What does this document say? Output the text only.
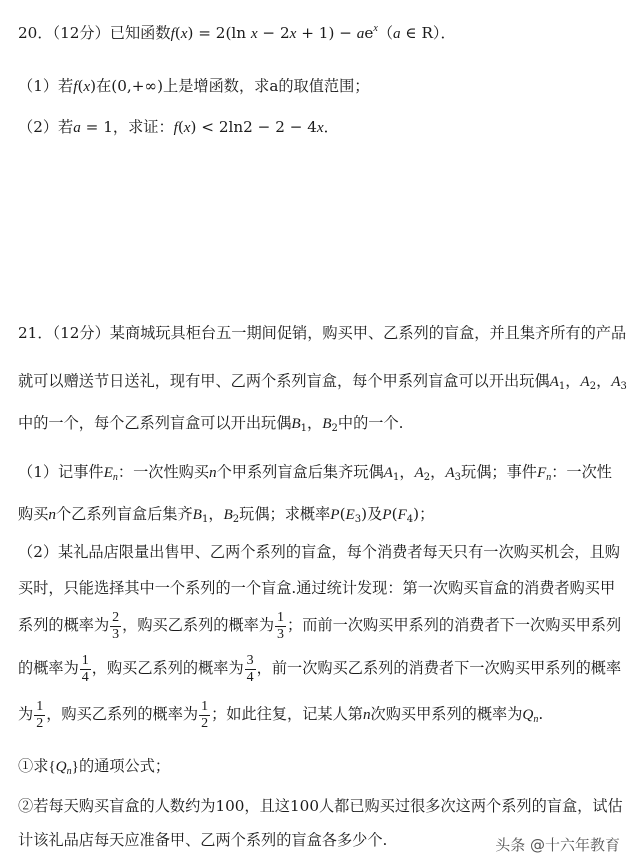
20．（12分）已知函数f(x) = 2(ln $x - 2x + 1) - ae^x(a$ ∈ R）．
（1）若f(x)在(0,+∞)上是增函数，求a的取值范围；
（2）若a = 1，求证：f(x) < 2ln2 − 2 − 4x．
21．（12分）某商城玩具柜台五一期间促销，购买甲、乙系列的盲盒，并且集齐所有的产品
就可以赠送节日送礼，现有甲、乙两个系列盲盒，每个甲系列盲盒可以开出玩偶$A_1$，$A_2$，$A_3$
中的一个，每个乙系列盲盒可以开出玩偶$B_1$，$B_2$中的一个.
（1）记事件$E_n$：一次性购买n个甲系列盲盒后集齐玩偶$A_1$，$A_2$，$A_3$玩偶；事件$F_n$：一次性
购买n个乙系列盲盒后集齐$B_1$，$B_2$玩偶；求概率$P(E_3)$及$P(F_4)$；
（2）某礼品店限量出售甲、乙两个系列的盲盒，每个消费者每天只有一次购买机会，且购
买时，只能选择其中一个系列的一个盲盒.通过统计发现：第一次购买盲盒的消费者购买甲
系列的概率为 $\frac{2}{3}$ ，购买乙系列的概率为 $\frac{1}{3}$ ；而前一次购买甲系列的消费者下一次购买甲系列
的概率为 $\frac{1}{4}$ ，购买乙系列的概率为 $\frac{3}{4}$ ，前一次购买乙系列的消费者下一次购买甲系列的概率
为 $\frac{1}{2}$ ，购买乙系列的概率为 $\frac{1}{2}$ ；如此往复，记某人第n次购买甲系列的概率为$Q_n$.
①求$\{Q_n\}$的通项公式；
②若每天购买盲盒的人数约为100，且这100人都已购买过很多次这两个系列的盲盒，试估
计该礼品店每天应准备甲、乙两个系列的盲盒各多少个.	头条 @十六年教育
